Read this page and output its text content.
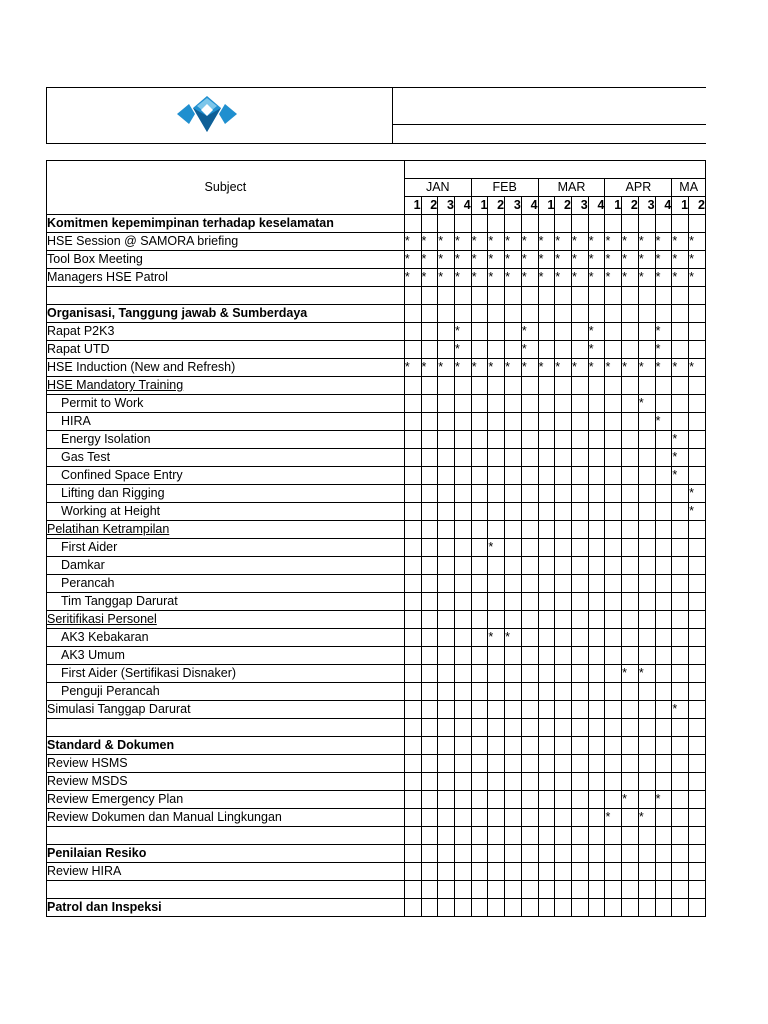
Subject																		
	JAN				FEB				MAR				APR				MA	
	1	2	3	4	1	2	3	4	1	2	3	4	1	2	3	4	1	2
Komitmen kepemimpinan terhadap keselamatan																		
HSE Session @ SAMORA briefing	*	*	*	*	*	*	*	*	*	*	*	*	*	*	*	*	*	*
Tool Box Meeting	*	*	*	*	*	*	*	*	*	*	*	*	*	*	*	*	*	*
Managers HSE Patrol	*	*	*	*	*	*	*	*	*	*	*	*	*	*	*	*	*	*

Organisasi, Tanggung jawab & Sumberdaya																		
Rapat P2K3				*				*				*				*		
Rapat UTD				*				*				*				*		
HSE Induction (New and Refresh)	*	*	*	*	*	*	*	*	*	*	*	*	*	*	*	*	*	*
HSE Mandatory Training																		
Permit to Work															*			
HIRA																*		
Energy Isolation																	*	
Gas Test																	*	
Confined Space Entry																	*	
Lifting dan Rigging																		*
Working at Height																		*
Pelatihan Ketrampilan																		
First Aider						*												
Damkar																		
Perancah																		
Tim Tanggap Darurat																		
Seritifikasi Personel																		
AK3 Kebakaran						*	*											
AK3 Umum																		
First Aider (Sertifikasi Disnaker)														*	*			
Penguji Perancah																		
Simulasi Tanggap Darurat																	*	

Standard & Dokumen																		
Review HSMS																		
Review MSDS																		
Review Emergency Plan														*		*		
Review Dokumen dan Manual Lingkungan													*		*			

Penilaian Resiko																		
Review HIRA																		

Patrol dan Inspeksi																		
